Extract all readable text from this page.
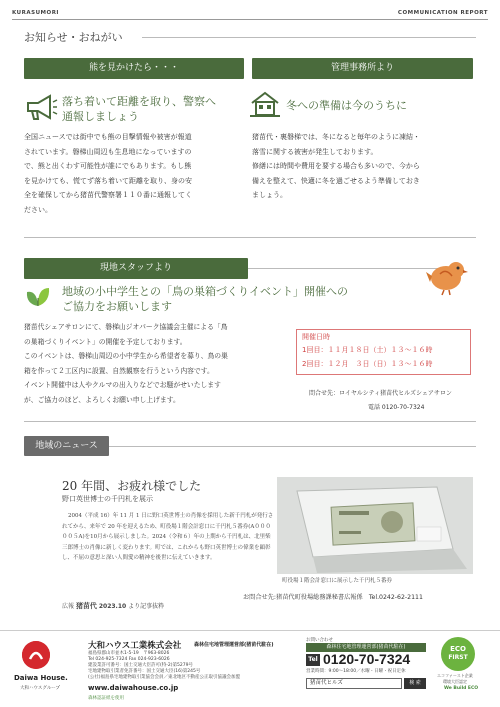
KURASUMORI	COMMUNICATION REPORT
お知らせ・おねがい
熊を見かけたら・・・	管理事務所より
落ち着いて距離を取り、警察へ
通報しましょう
全国ニュースでは街中でも熊の目撃情報や被害が報道
されています。磐梯山周辺も生息地になっていますの
で、熊と出くわす可能性が誰にでもあります。もし熊
を見かけても、慌てず落ち着いて距離を取り、身の安
全を確保してから猪苗代警察署１１０番に通報してく
ださい。
冬への準備は今のうちに
猪苗代・裏磐梯では、冬になると毎年のように凍結・
落雪に関する被害が発生しております。
修繕には時間や費用を要する場合も多いので、今から
備えを整えて、快適に冬を過ごせるよう準備しておき
ましょう。
現地スタッフより
地域の小中学生との「鳥の巣箱づくりイベント」開催への
ご協力をお願いします
猪苗代シェアサロンにて、磐梯山ジオパーク協議会主催による「鳥
の巣箱づくりイベント」の開催を予定しております。
このイベントは、磐梯山周辺の小中学生から希望者を募り、鳥の巣
箱を作って２工区内に設置、自然観察を行うという内容です。
イベント開催中は人やクルマの出入りなどでお騒がせいたします
が、ご協力のほど、よろしくお願い申し上げます。
開催日時
1回目：１１月１８日（土）１３～１６時
2回目：１２月　３日（日）１３～１６時
問合せ先：ロイヤルシティ猪苗代ヒルズシェアサロン
電話 0120-70-7324
地域のニュース
20 年間、お疲れ様でした
野口英世博士の千円札を展示
2004（平成 16）年 11 月 1 日に野口英世博士の肖像を採用した新千円札が発行されてから、来年で 20 年を迎えるため、町役場１階会計窓口に千円札５番券(A０００００５A)を10月から展示しました。2024（令和６）年の上期から千円札は、北里柴三郎博士の肖像に新しく変わります。町では、これからも野口英世博士の偉業を顕彰し、不屈の意思と深い人間愛の精神を後世に伝えていきます。
町役場１階会計窓口に展示した千円札５番券
広報 猪苗代 2023.10 より記事抜粋
お問合せ先:猪苗代町役場総務課秘書広報係　Tel.0242-62-2111
Daiwa House.
大和ハウスグループ
大和ハウス工業株式会社	森林住宅地管理運営部(猪苗代駐在)
福島県郡山市並木1-5-19　〒963-8026
Tel 024-925-7324 Fax 024-923-6026
建設業許可番号：国土交通大臣許可(特-2)第5279号
宅地建物取引業者免許番号：国土交通大臣(16)第245号
(公社)福島県宅地建物取引業協会会員／東北地区不動産公正取引協議会加盟
www.daiwahouse.co.jp
森林認証紙を使用
お問い合わせ
森林住宅地管理運営部(猪苗代駐在)
Tel 0120-70-7324
営業時間：9:00～18:00／水曜・日曜・祝日定休
猪苗代ヒルズ	検 索
ECO
FIRST
エコファースト企業
環境大臣認定
We Build ECO
